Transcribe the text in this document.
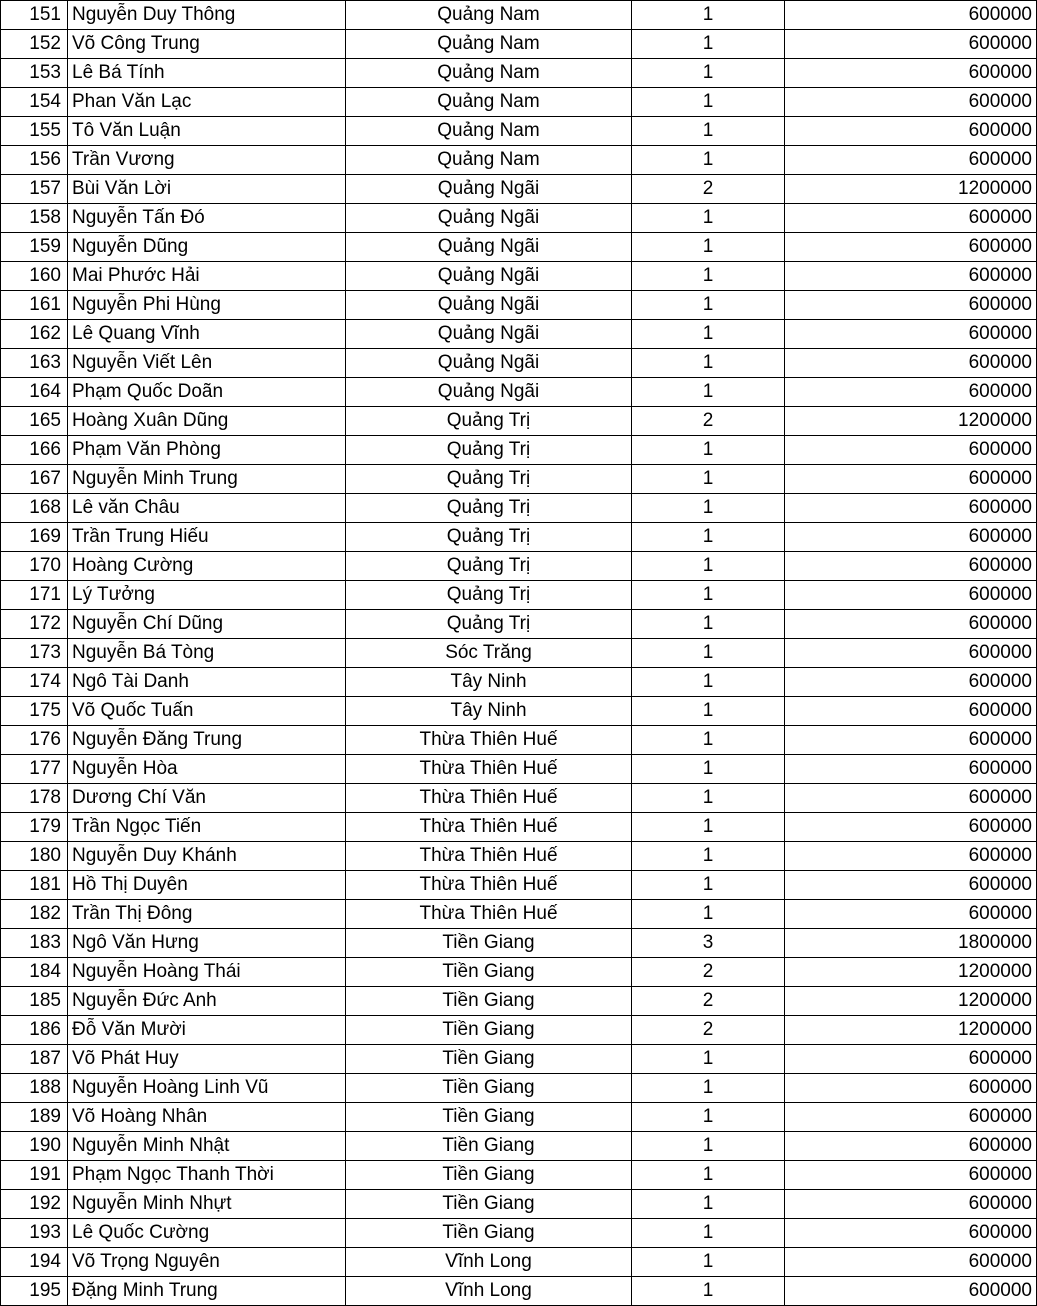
151	Nguyễn Duy Thông	Quảng Nam	1	600000
152	Võ Công Trung	Quảng Nam	1	600000
153	Lê Bá Tính	Quảng Nam	1	600000
154	Phan Văn Lạc	Quảng Nam	1	600000
155	Tô Văn Luận	Quảng Nam	1	600000
156	Trần Vương	Quảng Nam	1	600000
157	Bùi Văn Lời	Quảng Ngãi	2	1200000
158	Nguyễn Tấn Đó	Quảng Ngãi	1	600000
159	Nguyễn Dũng	Quảng Ngãi	1	600000
160	Mai Phước Hải	Quảng Ngãi	1	600000
161	Nguyễn Phi Hùng	Quảng Ngãi	1	600000
162	Lê Quang Vĩnh	Quảng Ngãi	1	600000
163	Nguyễn Viết Lên	Quảng Ngãi	1	600000
164	Phạm Quốc Doãn	Quảng Ngãi	1	600000
165	Hoàng Xuân Dũng	Quảng Trị	2	1200000
166	Phạm Văn Phòng	Quảng Trị	1	600000
167	Nguyễn Minh Trung	Quảng Trị	1	600000
168	Lê văn Châu	Quảng Trị	1	600000
169	Trần Trung Hiếu	Quảng Trị	1	600000
170	Hoàng Cường	Quảng Trị	1	600000
171	Lý Tưởng	Quảng Trị	1	600000
172	Nguyễn Chí Dũng	Quảng Trị	1	600000
173	Nguyễn Bá Tòng	Sóc Trăng	1	600000
174	Ngô Tài Danh	Tây Ninh	1	600000
175	Võ Quốc Tuấn	Tây Ninh	1	600000
176	Nguyễn Đăng Trung	Thừa Thiên Huế	1	600000
177	Nguyễn Hòa	Thừa Thiên Huế	1	600000
178	Dương Chí Văn	Thừa Thiên Huế	1	600000
179	Trần Ngọc Tiến	Thừa Thiên Huế	1	600000
180	Nguyễn Duy Khánh	Thừa Thiên Huế	1	600000
181	Hồ Thị Duyên	Thừa Thiên Huế	1	600000
182	Trần Thị Đông	Thừa Thiên Huế	1	600000
183	Ngô Văn Hưng	Tiền Giang	3	1800000
184	Nguyễn Hoàng Thái	Tiền Giang	2	1200000
185	Nguyễn Đức Anh	Tiền Giang	2	1200000
186	Đỗ Văn Mười	Tiền Giang	2	1200000
187	Võ Phát Huy	Tiền Giang	1	600000
188	Nguyễn Hoàng Linh Vũ	Tiền Giang	1	600000
189	Võ Hoàng Nhân	Tiền Giang	1	600000
190	Nguyễn Minh Nhật	Tiền Giang	1	600000
191	Phạm Ngọc Thanh Thời	Tiền Giang	1	600000
192	Nguyễn Minh Nhựt	Tiền Giang	1	600000
193	Lê Quốc Cường	Tiền Giang	1	600000
194	Võ Trọng Nguyên	Vĩnh Long	1	600000
195	Đặng Minh Trung	Vĩnh Long	1	600000
